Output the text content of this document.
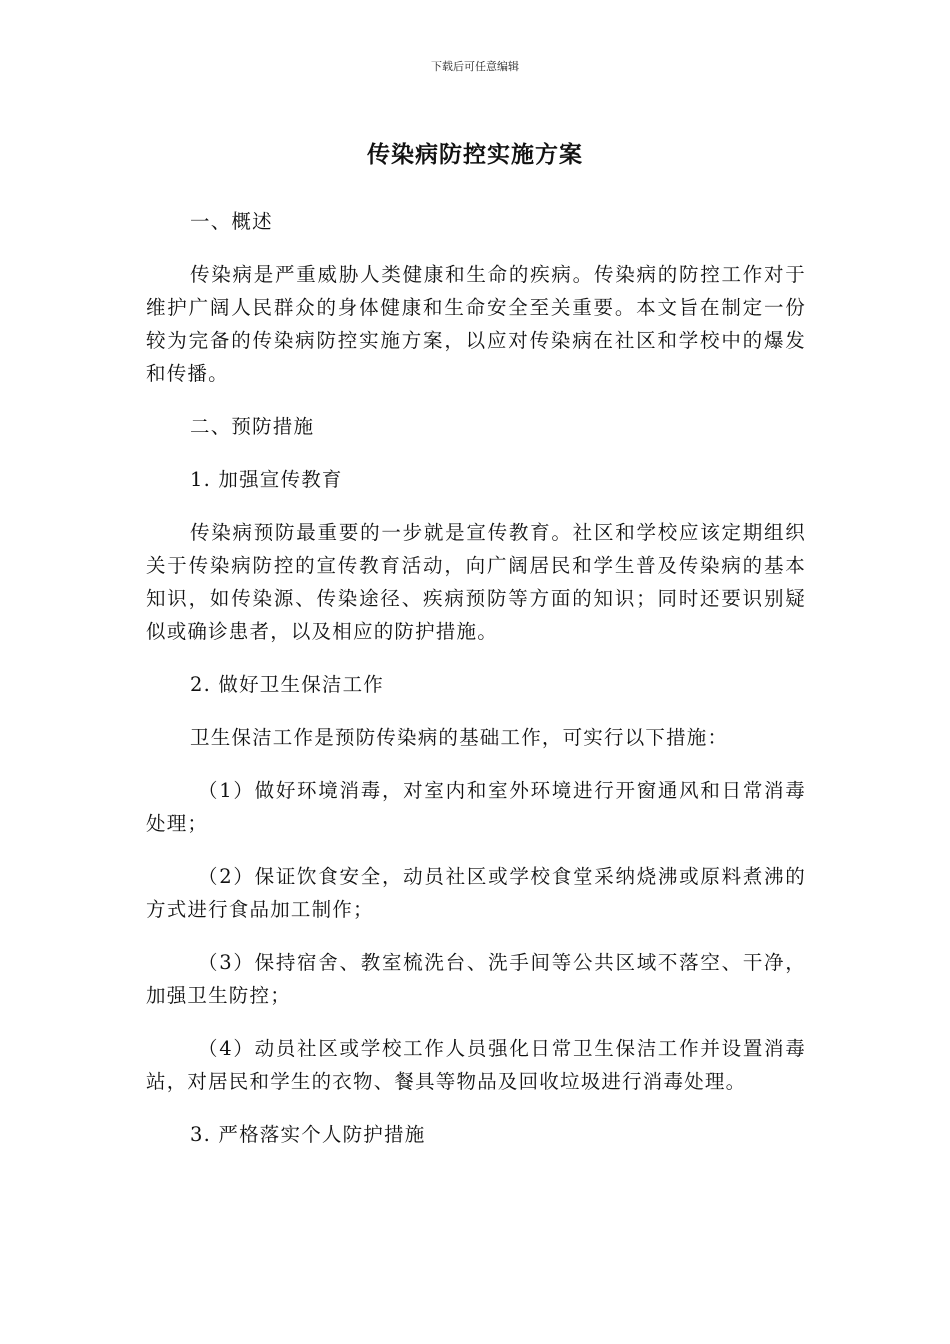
下载后可任意编辑
传染病防控实施方案

一、概述

传染病是严重威胁人类健康和生命的疾病。传染病的防控工作对于维护广阔人民群众的身体健康和生命安全至关重要。本文旨在制定一份较为完备的传染病防控实施方案，以应对传染病在社区和学校中的爆发和传播。

二、预防措施

1. 加强宣传教育

传染病预防最重要的一步就是宣传教育。社区和学校应该定期组织关于传染病防控的宣传教育活动，向广阔居民和学生普及传染病的基本知识，如传染源、传染途径、疾病预防等方面的知识；同时还要识别疑似或确诊患者，以及相应的防护措施。

2. 做好卫生保洁工作

卫生保洁工作是预防传染病的基础工作，可实行以下措施：

（1）做好环境消毒，对室内和室外环境进行开窗通风和日常消毒处理；

（2）保证饮食安全，动员社区或学校食堂采纳烧沸或原料煮沸的方式进行食品加工制作；

（3）保持宿舍、教室梳洗台、洗手间等公共区域不落空、干净，加强卫生防控；

（4）动员社区或学校工作人员强化日常卫生保洁工作并设置消毒站，对居民和学生的衣物、餐具等物品及回收垃圾进行消毒处理。

3. 严格落实个人防护措施
